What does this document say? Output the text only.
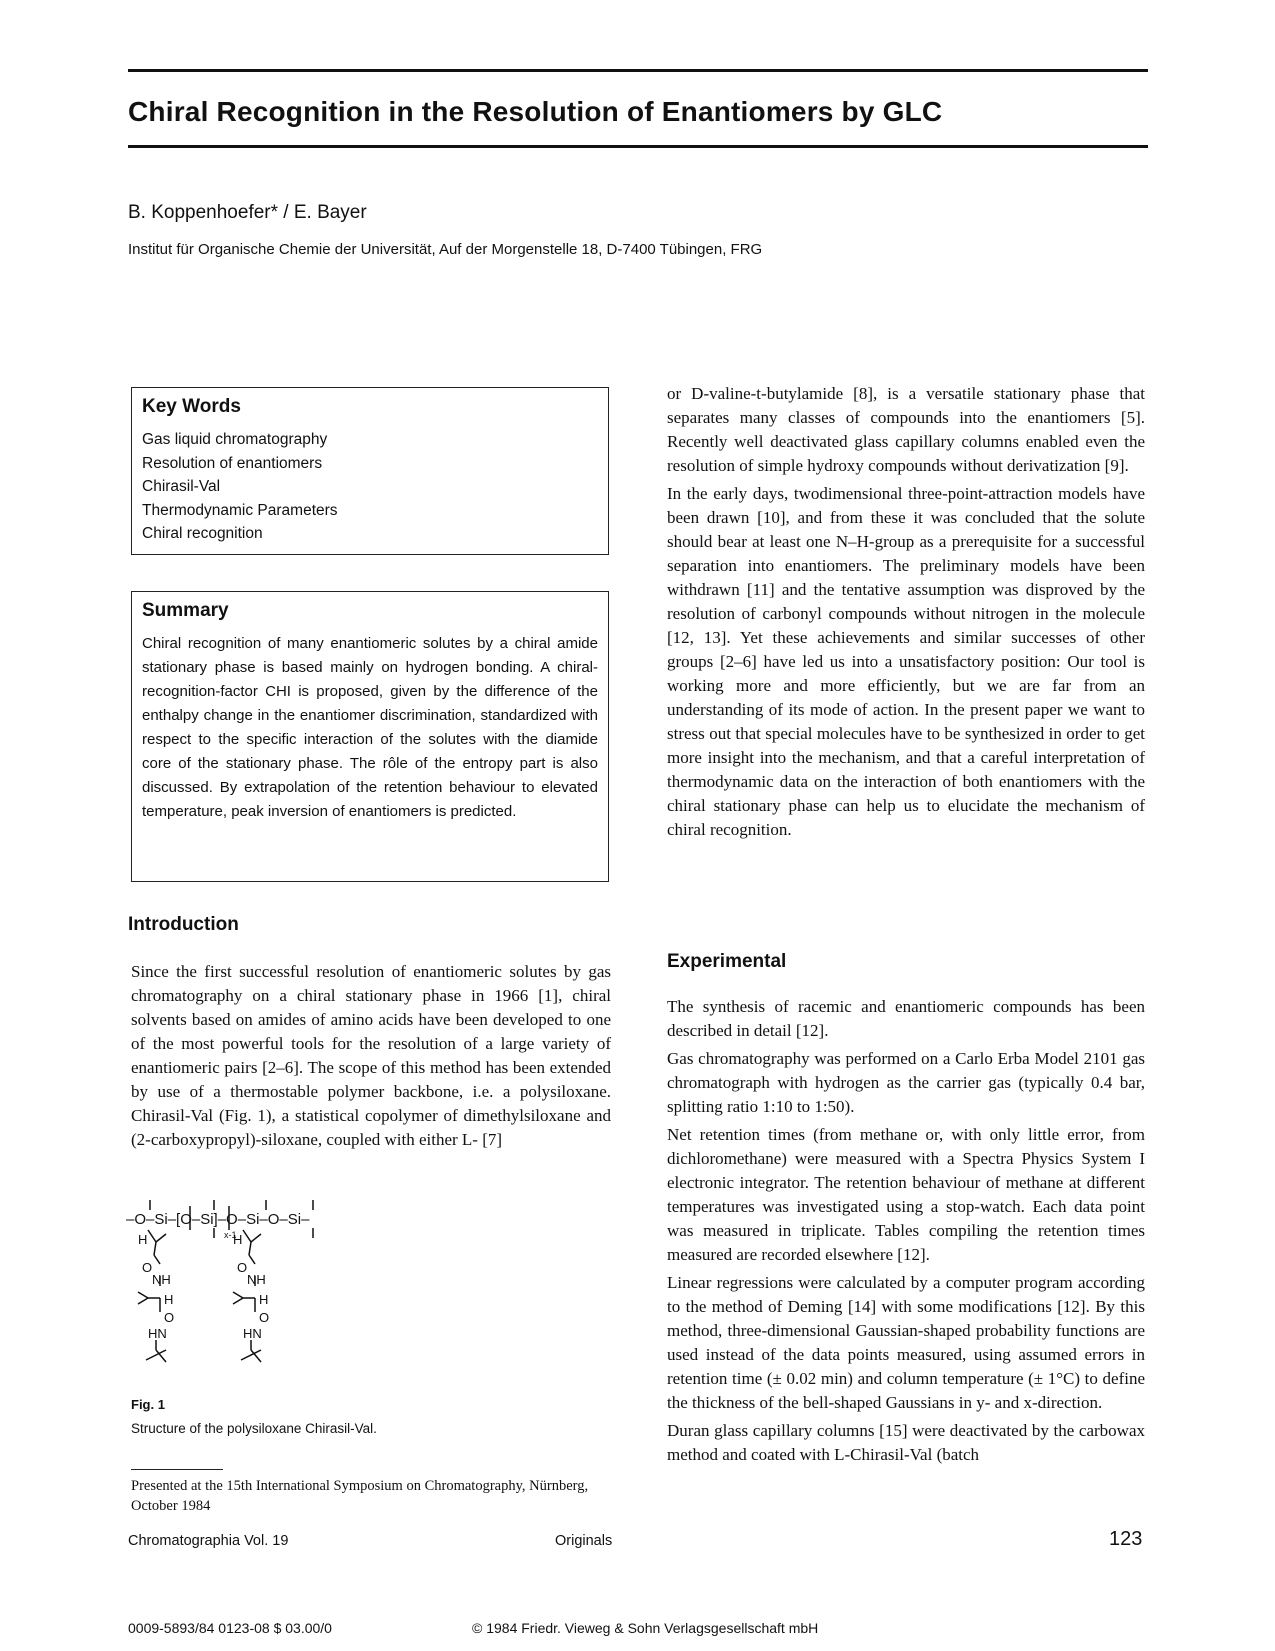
Chiral Recognition in the Resolution of Enantiomers by GLC
B. Koppenhoefer* / E. Bayer
Institut für Organische Chemie der Universität, Auf der Morgenstelle 18, D-7400 Tübingen, FRG
Key Words
Gas liquid chromatography
Resolution of enantiomers
Chirasil-Val
Thermodynamic Parameters
Chiral recognition
Summary

Chiral recognition of many enantiomeric solutes by a chiral amide stationary phase is based mainly on hydrogen bonding. A chiral-recognition-factor CHI is proposed, given by the difference of the enthalpy change in the enantiomer discrimination, standardized with respect to the specific interaction of the solutes with the diamide core of the stationary phase. The rôle of the entropy part is also discussed. By extrapolation of the retention behaviour to elevated temperature, peak inversion of enantiomers is predicted.

Introduction

Since the first successful resolution of enantiomeric solutes by gas chromatography on a chiral stationary phase in 1966 [1], chiral solvents based on amides of amino acids have been developed to one of the most powerful tools for the resolution of a large variety of enantiomeric pairs [2–6]. The scope of this method has been extended by use of a thermostable polymer backbone, i.e. a polysiloxane. Chirasil-Val (Fig. 1), a statistical copolymer of dimethylsiloxane and (2-carboxypropyl)-siloxane, coupled with either L- [7]

–O–Si–[O–Si]–O–Si–O–Si–
x-1
H	H
O	O
NH	NH
H	H
O	O
HN	HN
Fig. 1
Structure of the polysiloxane Chirasil-Val.
Presented at the 15th International Symposium on Chromatography, Nürnberg, October 1984

or D-valine-t-butylamide [8], is a versatile stationary phase that separates many classes of compounds into the enantiomers [5]. Recently well deactivated glass capillary columns enabled even the resolution of simple hydroxy compounds without derivatization [9].

In the early days, twodimensional three-point-attraction models have been drawn [10], and from these it was concluded that the solute should bear at least one N–H-group as a prerequisite for a successful separation into enantiomers. The preliminary models have been withdrawn [11] and the tentative assumption was disproved by the resolution of carbonyl compounds without nitrogen in the molecule [12, 13]. Yet these achievements and similar successes of other groups [2–6] have led us into a unsatisfactory position: Our tool is working more and more efficiently, but we are far from an understanding of its mode of action. In the present paper we want to stress out that special molecules have to be synthesized in order to get more insight into the mechanism, and that a careful interpretation of thermodynamic data on the interaction of both enantiomers with the chiral stationary phase can help us to elucidate the mechanism of chiral recognition.

Experimental

The synthesis of racemic and enantiomeric compounds has been described in detail [12].

Gas chromatography was performed on a Carlo Erba Model 2101 gas chromatograph with hydrogen as the carrier gas (typically 0.4 bar, splitting ratio 1:10 to 1:50).

Net retention times (from methane or, with only little error, from dichloromethane) were measured with a Spectra Physics System I electronic integrator. The retention behaviour of methane at different temperatures was investigated using a stop-watch. Each data point was measured in triplicate. Tables compiling the retention times measured are recorded elsewhere [12].

Linear regressions were calculated by a computer program according to the method of Deming [14] with some modifications [12]. By this method, three-dimensional Gaussian-shaped probability functions are used instead of the data points measured, using assumed errors in retention time (± 0.02 min) and column temperature (± 1°C) to define the thickness of the bell-shaped Gaussians in y- and x-direction.

Duran glass capillary columns [15] were deactivated by the carbowax method and coated with L-Chirasil-Val (batch

Chromatographia Vol. 19	Originals	123
0009-5893/84 0123-08 $ 03.00/0	© 1984 Friedr. Vieweg & Sohn Verlagsgesellschaft mbH
